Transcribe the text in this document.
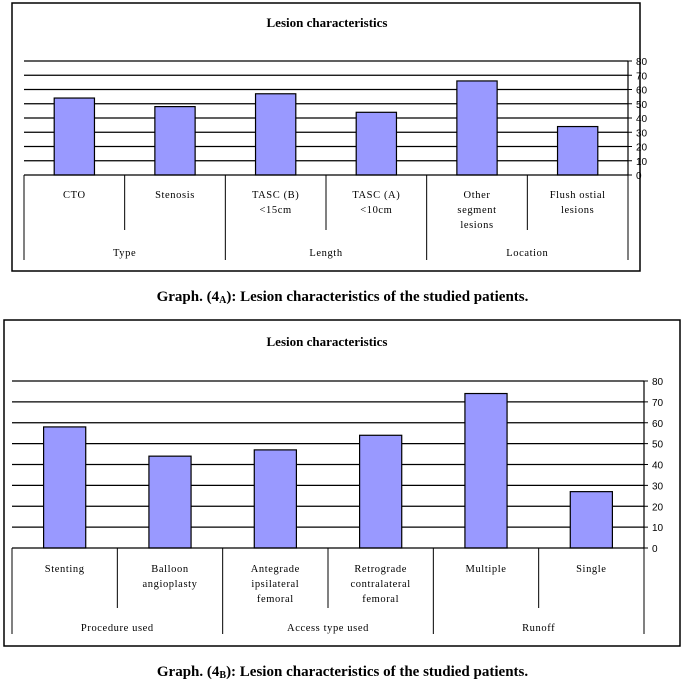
Lesion characteristics
0
10
20
30
40
50
60
70
80
CTO	Stenosis	TASC (B)
<15cm
TASC (A)
<10cm
Other
segment
lesions
Flush ostial
lesions
Type	Length	Location
Graph. (4A): Lesion characteristics of the studied patients.
Lesion characteristics
0
10
20
30
40
50
60
70
80
Stenting	Balloon
angioplasty
Antegrade
ipsilateral
femoral
Retrograde
contralateral
femoral
Multiple	Single
Procedure used	Access type used	Runoff
Graph. (4B): Lesion characteristics of the studied patients.
